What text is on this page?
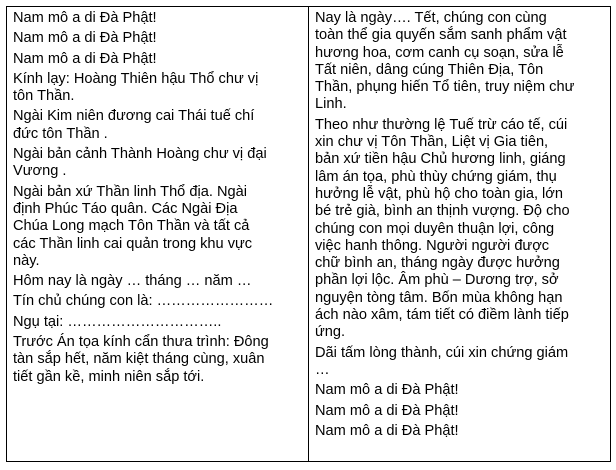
Nam mô a di Đà Phật!

Nam mô a di Đà Phật!

Nam mô a di Đà Phật!

Kính lạy: Hoàng Thiên hậu Thổ chư vị
tôn Thần.

Ngài Kim niên đương cai Thái tuế chí
đức tôn Thần .

Ngài bản cảnh Thành Hoàng chư vị đại
Vương .

Ngài bản xứ Thần linh Thổ địa. Ngài
định Phúc Táo quân. Các Ngài Địa
Chúa Long mạch Tôn Thần và tất cả
các Thần linh cai quản trong khu vực
này.

Hôm nay là ngày … tháng … năm …

Tín chủ chúng con là: ……………………

Ngụ tại: …………………………..

Trước Án tọa kính cẩn thưa trình: Đông
tàn sắp hết, năm kiệt tháng cùng, xuân
tiết gần kề, minh niên sắp tới.

Nay là ngày…. Tết, chúng con cùng
toàn thể gia quyến sắm sanh phẩm vật
hương hoa, cơm canh cụ soạn, sửa lễ
Tất niên, dâng cúng Thiên Địa, Tôn
Thần, phụng hiến Tổ tiên, truy niệm chư
Linh.

Theo như thường lệ Tuế trừ cáo tế, cúi
xin chư vị Tôn Thần, Liệt vị Gia tiên,
bản xứ tiền hậu Chủ hương linh, giáng
lâm án tọa, phù thùy chứng giám, thụ
hưởng lễ vật, phù hộ cho toàn gia, lớn
bé trẻ già, bình an thịnh vượng. Độ cho
chúng con mọi duyên thuận lợi, công
việc hanh thông. Người người được
chữ bình an, tháng ngày được hưởng
phần lợi lộc. Âm phù – Dương trợ, sở
nguyện tòng tâm. Bốn mùa không hạn
ách nào xâm, tám tiết có điềm lành tiếp
ứng.

Dãi tấm lòng thành, cúi xin chứng giám
…

Nam mô a di Đà Phật!

Nam mô a di Đà Phật!

Nam mô a di Đà Phật!
